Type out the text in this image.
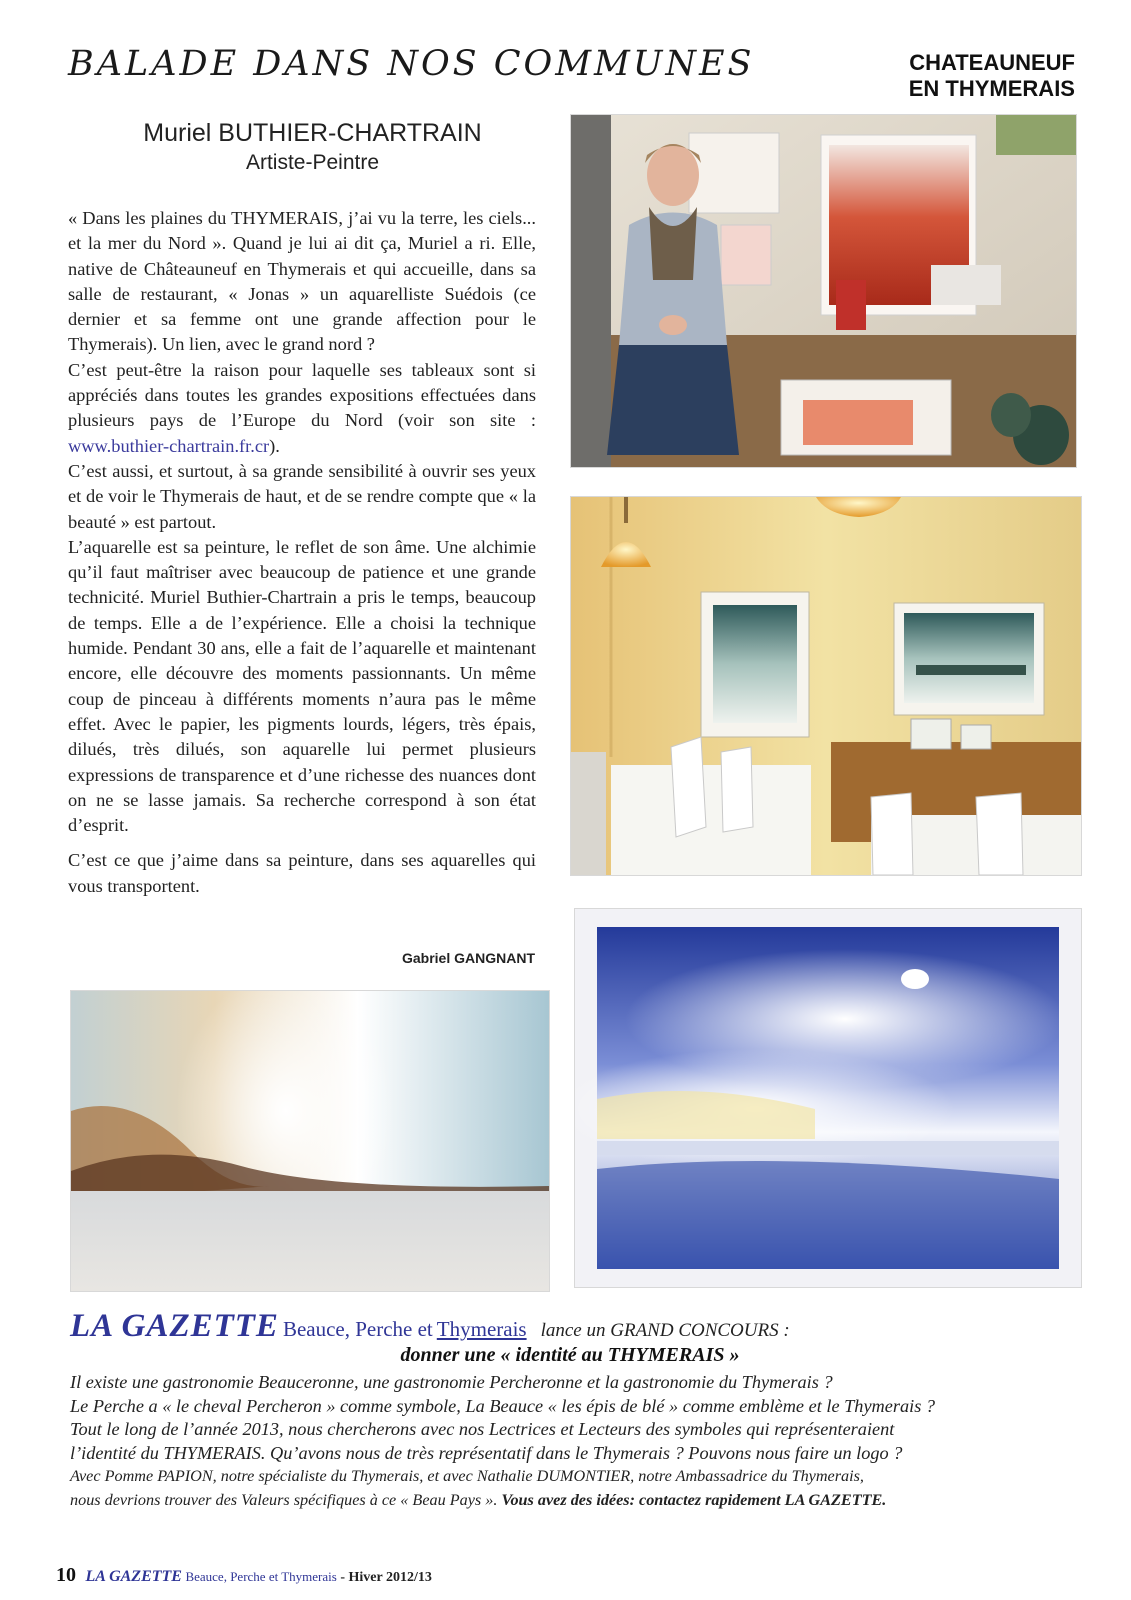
BALADE DANS NOS COMMUNES	CHATEAUNEUF
EN THYMERAIS
Muriel BUTHIER-CHARTRAIN
Artiste-Peintre

« Dans les plaines du THYMERAIS, j’ai vu la terre, les ciels... et la mer du Nord ». Quand je lui ai dit ça, Muriel a ri. Elle, native de Châteauneuf en Thymerais et qui accueille, dans sa salle de restaurant, « Jonas » un aquarelliste Suédois (ce dernier et sa femme ont une grande affection pour le Thymerais). Un lien, avec le grand nord ?

C’est peut-être la raison pour laquelle ses tableaux sont si appréciés dans toutes les grandes expositions effectuées dans plusieurs pays de l’Europe du Nord (voir son site : www.buthier-chartrain.fr.cr).

C’est aussi, et surtout, à sa grande sensibilité à ouvrir ses yeux et de voir le Thymerais de haut, et de se rendre compte que « la beauté » est partout.

L’aquarelle est sa peinture, le reflet de son âme. Une alchimie qu’il faut maîtriser avec beaucoup de patience et une grande technicité. Muriel Buthier-Chartrain a pris le temps, beaucoup de temps. Elle a de l’expérience. Elle a choisi la technique humide. Pendant 30 ans, elle a fait de l’aquarelle et maintenant encore, elle découvre des moments passionnants. Un même coup de pinceau à différents moments n’aura pas le même effet. Avec le papier, les pigments lourds, légers, très épais, dilués, très dilués, son aquarelle lui permet plusieurs expressions de transparence et d’une richesse des nuances dont on ne se lasse jamais. Sa recherche correspond à son état d’esprit.

C’est ce que j’aime dans sa peinture, dans ses aquarelles qui vous transportent.

Gabriel GANGNANT
LA GAZETTE Beauce, Perche et Thymerais lance un GRAND CONCOURS :
donner une « identité au THYMERAIS »
Il existe une gastronomie Beauceronne, une gastronomie Percheronne et la gastronomie du Thymerais ?
Le Perche a « le cheval Percheron » comme symbole, La Beauce « les épis de blé » comme emblème et le Thymerais ?
Tout le long de l’année 2013, nous chercherons avec nos Lectrices et Lecteurs des symboles qui représenteraient
l’identité du THYMERAIS. Qu’avons nous de très représentatif dans le Thymerais ? Pouvons nous faire un logo ?
Avec Pomme PAPION, notre spécialiste du Thymerais, et avec Nathalie DUMONTIER, notre Ambassadrice du Thymerais,
nous devrions trouver des Valeurs spécifiques à ce « Beau Pays ». Vous avez des idées: contactez rapidement LA GAZETTE.
10 LA GAZETTE Beauce, Perche et Thymerais - Hiver 2012/13
